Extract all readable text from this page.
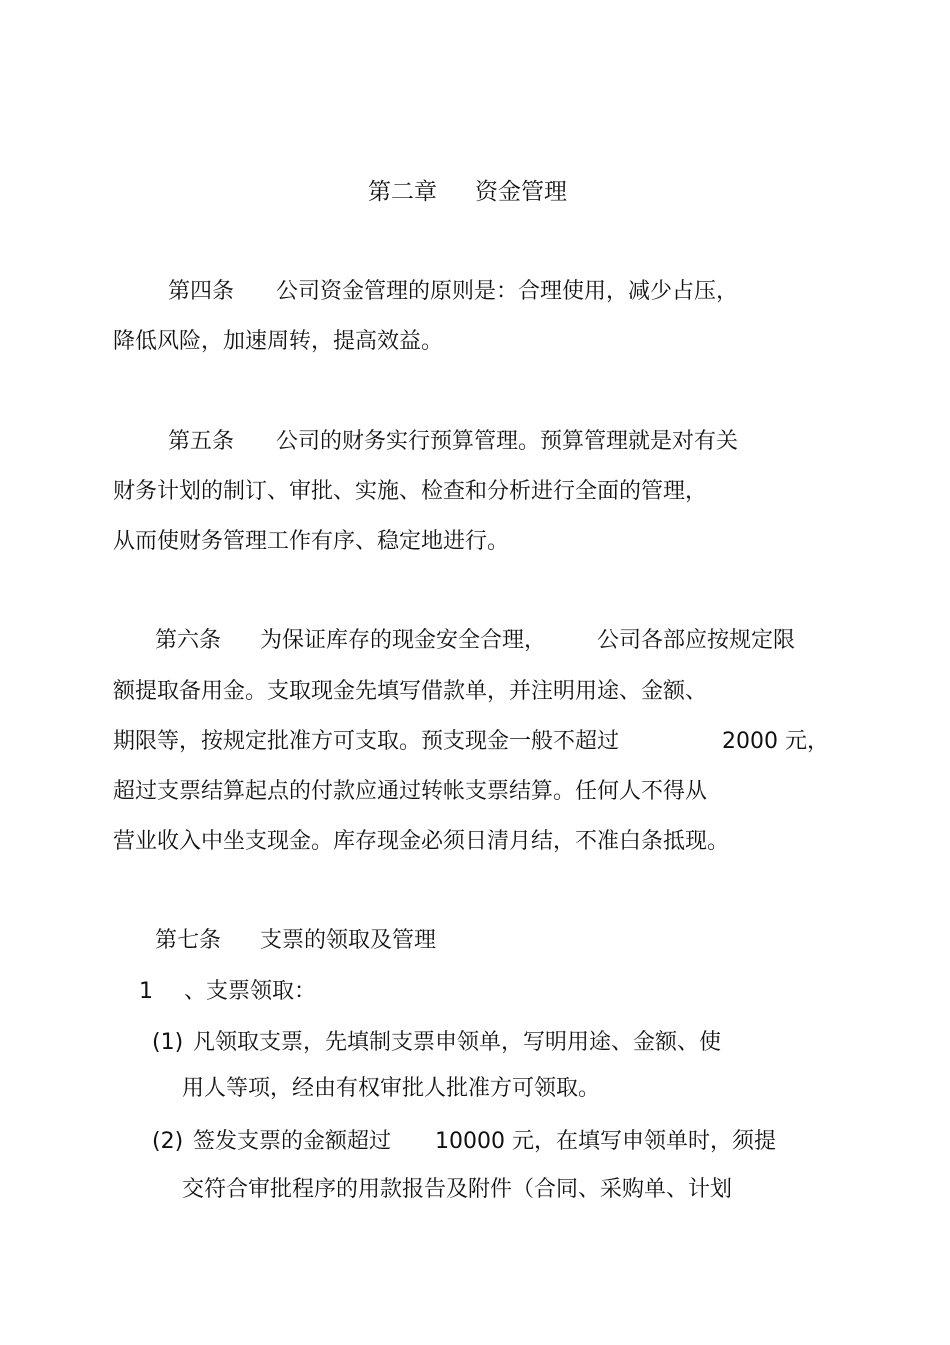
第二章 资金管理
第四条 公司资金管理的原则是：合理使用，减少占压，
降低风险，加速周转，提高效益。
第五条 公司的财务实行预算管理。预算管理就是对有关
财务计划的制订、审批、实施、检查和分析进行全面的管理，
从而使财务管理工作有序、稳定地进行。
第六条 为保证库存的现金安全合理， 公司各部应按规定限
额提取备用金。支取现金先填写借款单，并注明用途、金额、
期限等，按规定批准方可支取。预支现金一般不超过	2000 元，
超过支票结算起点的付款应通过转帐支票结算。任何人不得从
营业收入中坐支现金。库存现金必须日清月结，不准白条抵现。
第七条 支票的领取及管理
1 、支票领取：
(1) 凡领取支票，先填制支票申领单，写明用途、金额、使
用人等项，经由有权审批人批准方可领取。
(2) 签发支票的金额超过 10000 元，在填写申领单时，须提
交符合审批程序的用款报告及附件（合同、采购单、计划
